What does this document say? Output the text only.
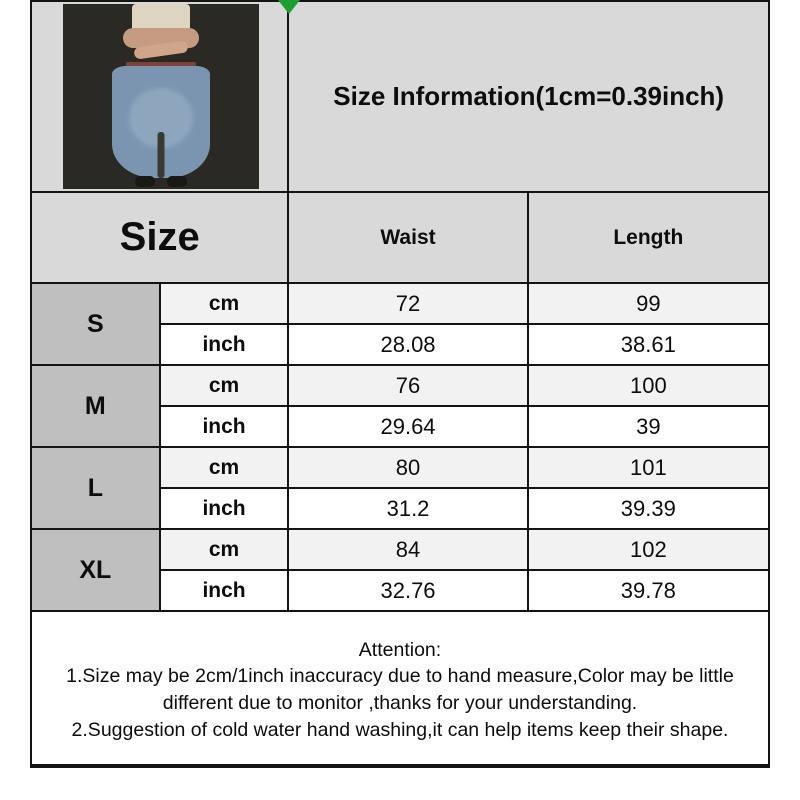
		Size Information(1cm=0.39inch)	
Size		Waist	Length
S	cm	72	99
	inch	28.08	38.61
M	cm	76	100
	inch	29.64	39
L	cm	80	101
	inch	31.2	39.39
XL	cm	84	102
	inch	32.76	39.78

Attention:

1.Size may be 2cm/1inch inaccuracy due to hand measure,Color may be little different due to monitor ,thanks for your understanding.

2.Suggestion of cold water hand washing,it can help items keep their shape.			
